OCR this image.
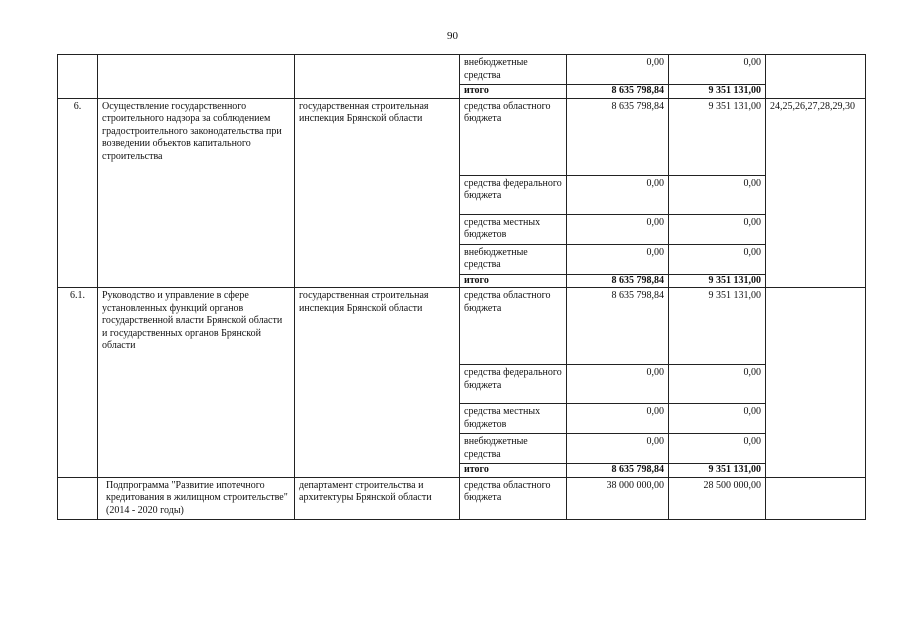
90
			внебюджетные средства	0,00	0,00	
			итого	8 635 798,84	9 351 131,00	
6.	Осуществление государственного строительного надзора за соблюдением градостроительного законодательства при возведении объектов капитального строительства	государственная строительная инспекция Брянской области	средства областного бюджета	8 635 798,84	9 351 131,00	24,25,26,27,28,29,30
			средства федерального бюджета	0,00	0,00	
			средства местных бюджетов	0,00	0,00	
			внебюджетные средства	0,00	0,00	
			итого	8 635 798,84	9 351 131,00	
6.1.	Руководство и управление в сфере установленных функций органов государственной власти Брянской области и государственных органов Брянской области	государственная строительная инспекция Брянской области	средства областного бюджета	8 635 798,84	9 351 131,00	
			средства федерального бюджета	0,00	0,00	
			средства местных бюджетов	0,00	0,00	
			внебюджетные средства	0,00	0,00	
			итого	8 635 798,84	9 351 131,00	
	Подпрограмма "Развитие ипотечного кредитования в жилищном строительстве" (2014 - 2020 годы)	департамент строительства и архитектуры Брянской области	средства областного бюджета	38 000 000,00	28 500 000,00	
